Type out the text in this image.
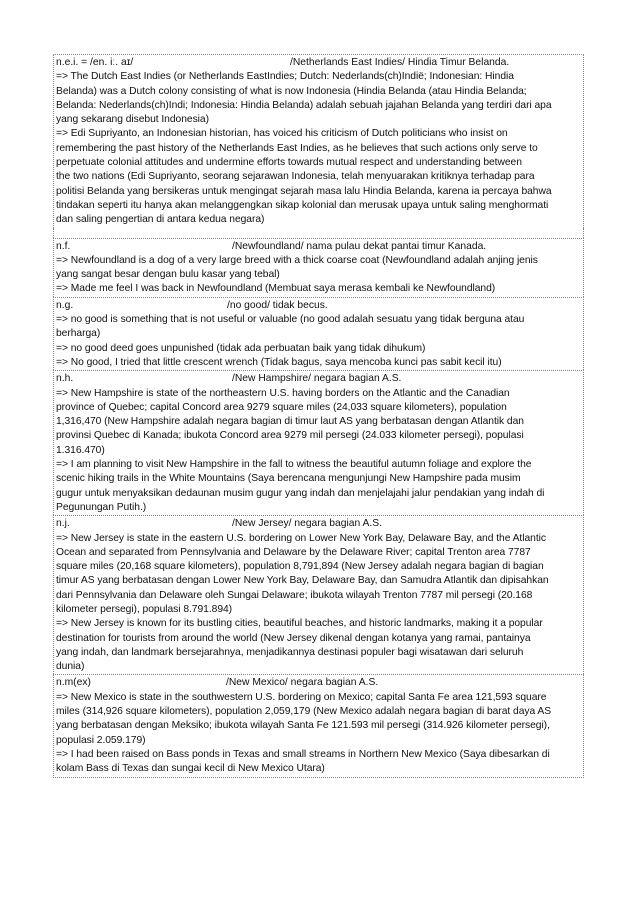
n.e.i. = /en. iː. aɪ/	/Netherlands East Indies/ Hindia Timur Belanda.
=> The Dutch East Indies (or Netherlands EastIndies; Dutch: Nederlands(ch)Indië; Indonesian: Hindia
Belanda) was a Dutch colony consisting of what is now Indonesia (Hindia Belanda (atau Hindia Belanda;
Belanda: Nederlands(ch)Indi; Indonesia: Hindia Belanda) adalah sebuah jajahan Belanda yang terdiri dari apa
yang sekarang disebut Indonesia)
=> Edi Supriyanto, an Indonesian historian, has voiced his criticism of Dutch politicians who insist on
remembering the past history of the Netherlands East Indies, as he believes that such actions only serve to
perpetuate colonial attitudes and undermine efforts towards mutual respect and understanding between
the two nations (Edi Supriyanto, seorang sejarawan Indonesia, telah menyuarakan kritiknya terhadap para
politisi Belanda yang bersikeras untuk mengingat sejarah masa lalu Hindia Belanda, karena ia percaya bahwa
tindakan seperti itu hanya akan melanggengkan sikap kolonial dan merusak upaya untuk saling menghormati
dan saling pengertian di antara kedua negara)
n.f.	/Newfoundland/ nama pulau dekat pantai timur Kanada.
=> Newfoundland is a dog of a very large breed with a thick coarse coat (Newfoundland adalah anjing jenis
yang sangat besar dengan bulu kasar yang tebal)
=> Made me feel I was back in Newfoundland (Membuat saya merasa kembali ke Newfoundland)
n.g.	/no good/ tidak becus.
=> no good is something that is not useful or valuable (no good adalah sesuatu yang tidak berguna atau
berharga)
=> no good deed goes unpunished (tidak ada perbuatan baik yang tidak dihukum)
=> No good, I tried that little crescent wrench (Tidak bagus, saya mencoba kunci pas sabit kecil itu)
n.h.	/New Hampshire/ negara bagian A.S.
=> New Hampshire is state of the northeastern U.S. having borders on the Atlantic and the Canadian
province of Quebec; capital Concord area 9279 square miles (24,033 square kilometers), population
1,316,470 (New Hampshire adalah negara bagian di timur laut AS yang berbatasan dengan Atlantik dan
provinsi Quebec di Kanada; ibukota Concord area 9279 mil persegi (24.033 kilometer persegi), populasi
1.316.470)
=> I am planning to visit New Hampshire in the fall to witness the beautiful autumn foliage and explore the
scenic hiking trails in the White Mountains (Saya berencana mengunjungi New Hampshire pada musim
gugur untuk menyaksikan dedaunan musim gugur yang indah dan menjelajahi jalur pendakian yang indah di
Pegunungan Putih.)
n.j.	/New Jersey/ negara bagian A.S.
=> New Jersey is state in the eastern U.S. bordering on Lower New York Bay, Delaware Bay, and the Atlantic
Ocean and separated from Pennsylvania and Delaware by the Delaware River; capital Trenton area 7787
square miles (20,168 square kilometers), population 8,791,894 (New Jersey adalah negara bagian di bagian
timur AS yang berbatasan dengan Lower New York Bay, Delaware Bay, dan Samudra Atlantik dan dipisahkan
dari Pennsylvania dan Delaware oleh Sungai Delaware; ibukota wilayah Trenton 7787 mil persegi (20.168
kilometer persegi), populasi 8.791.894)
=> New Jersey is known for its bustling cities, beautiful beaches, and historic landmarks, making it a popular
destination for tourists from around the world (New Jersey dikenal dengan kotanya yang ramai, pantainya
yang indah, dan landmark bersejarahnya, menjadikannya destinasi populer bagi wisatawan dari seluruh
dunia)
n.m(ex)	/New Mexico/ negara bagian A.S.
=> New Mexico is state in the southwestern U.S. bordering on Mexico; capital Santa Fe area 121,593 square
miles (314,926 square kilometers), population 2,059,179 (New Mexico adalah negara bagian di barat daya AS
yang berbatasan dengan Meksiko; ibukota wilayah Santa Fe 121.593 mil persegi (314.926 kilometer persegi),
populasi 2.059.179)
=> I had been raised on Bass ponds in Texas and small streams in Northern New Mexico (Saya dibesarkan di
kolam Bass di Texas dan sungai kecil di New Mexico Utara)
